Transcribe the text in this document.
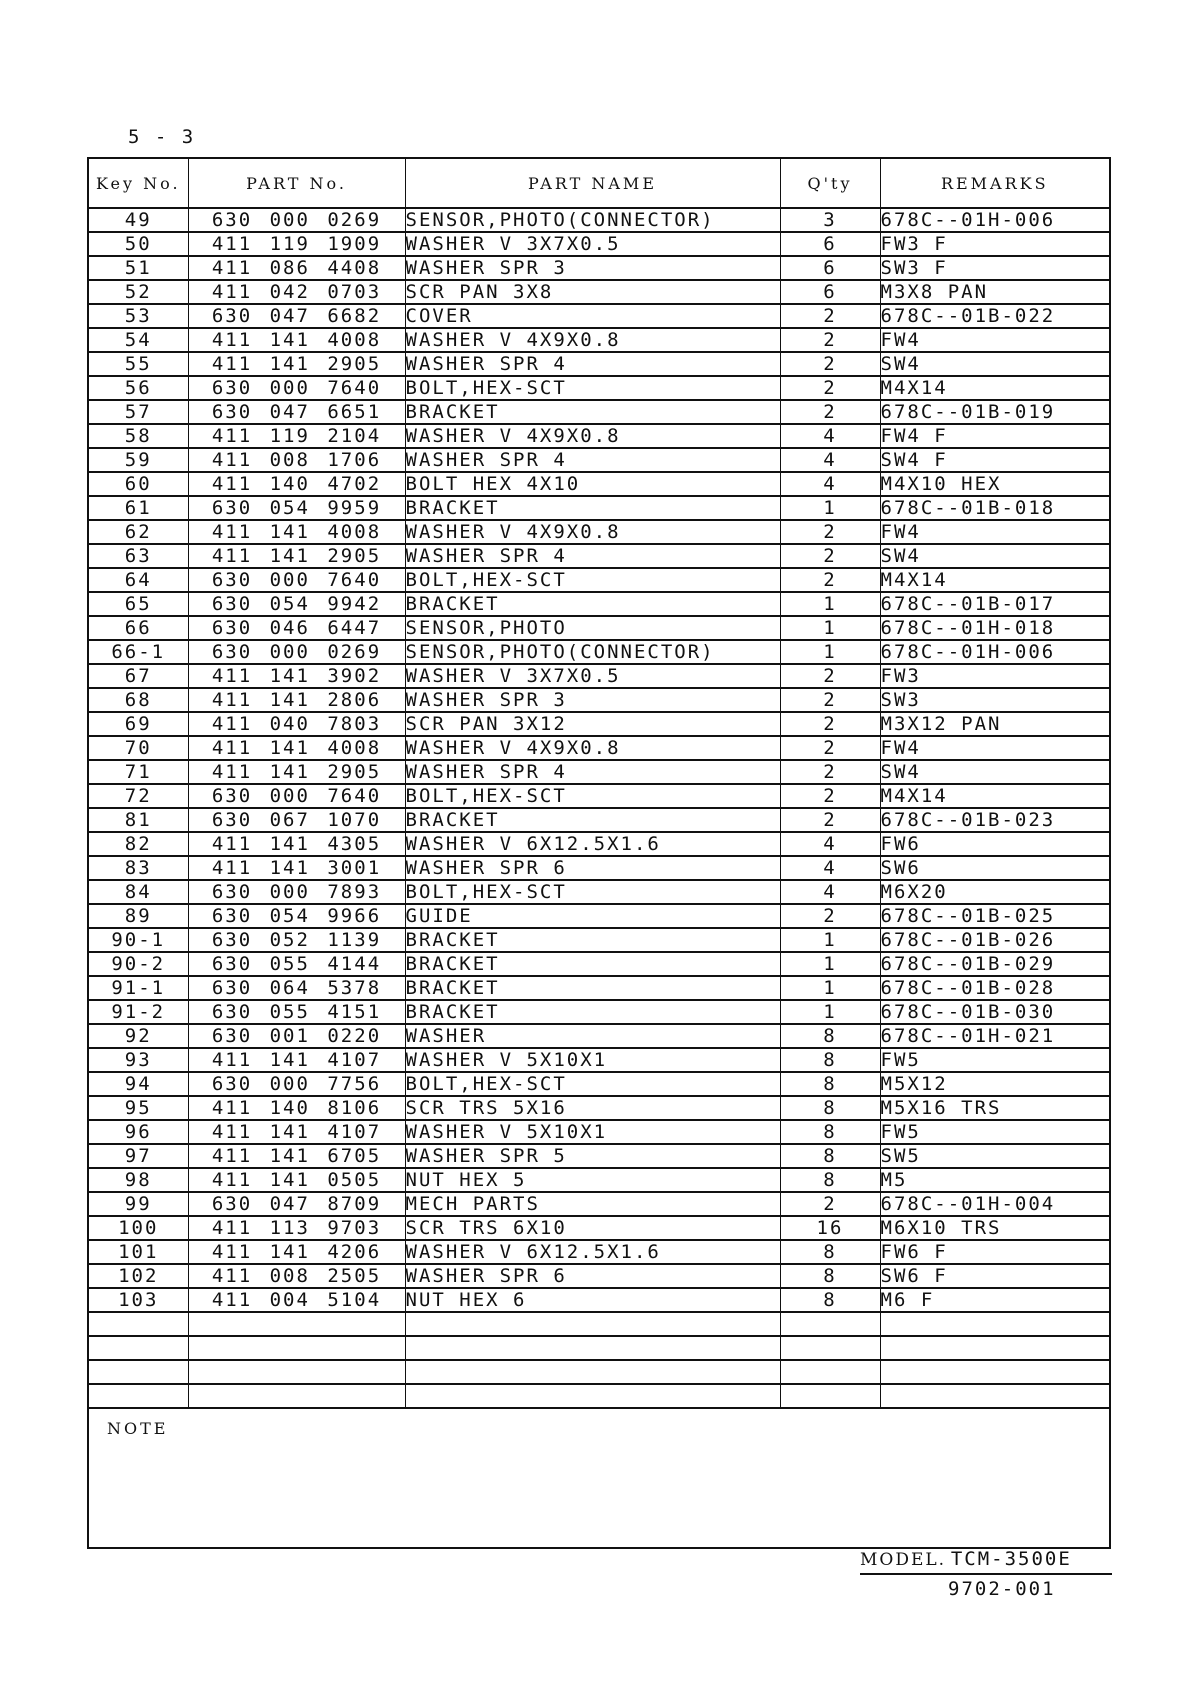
5 - 3
Key No.	PART No.	PART NAME	Q'ty	REMARKS
49	630 000 0269	SENSOR,PHOTO(CONNECTOR)	3	678C--01H-006
50	411 119 1909	WASHER V 3X7X0.5	6	FW3 F
51	411 086 4408	WASHER SPR 3	6	SW3 F
52	411 042 0703	SCR PAN 3X8	6	M3X8 PAN
53	630 047 6682	COVER	2	678C--01B-022
54	411 141 4008	WASHER V 4X9X0.8	2	FW4
55	411 141 2905	WASHER SPR 4	2	SW4
56	630 000 7640	BOLT,HEX-SCT	2	M4X14
57	630 047 6651	BRACKET	2	678C--01B-019
58	411 119 2104	WASHER V 4X9X0.8	4	FW4 F
59	411 008 1706	WASHER SPR 4	4	SW4 F
60	411 140 4702	BOLT HEX 4X10	4	M4X10 HEX
61	630 054 9959	BRACKET	1	678C--01B-018
62	411 141 4008	WASHER V 4X9X0.8	2	FW4
63	411 141 2905	WASHER SPR 4	2	SW4
64	630 000 7640	BOLT,HEX-SCT	2	M4X14
65	630 054 9942	BRACKET	1	678C--01B-017
66	630 046 6447	SENSOR,PHOTO	1	678C--01H-018
66-1	630 000 0269	SENSOR,PHOTO(CONNECTOR)	1	678C--01H-006
67	411 141 3902	WASHER V 3X7X0.5	2	FW3
68	411 141 2806	WASHER SPR 3	2	SW3
69	411 040 7803	SCR PAN 3X12	2	M3X12 PAN
70	411 141 4008	WASHER V 4X9X0.8	2	FW4
71	411 141 2905	WASHER SPR 4	2	SW4
72	630 000 7640	BOLT,HEX-SCT	2	M4X14
81	630 067 1070	BRACKET	2	678C--01B-023
82	411 141 4305	WASHER V 6X12.5X1.6	4	FW6
83	411 141 3001	WASHER SPR 6	4	SW6
84	630 000 7893	BOLT,HEX-SCT	4	M6X20
89	630 054 9966	GUIDE	2	678C--01B-025
90-1	630 052 1139	BRACKET	1	678C--01B-026
90-2	630 055 4144	BRACKET	1	678C--01B-029
91-1	630 064 5378	BRACKET	1	678C--01B-028
91-2	630 055 4151	BRACKET	1	678C--01B-030
92	630 001 0220	WASHER	8	678C--01H-021
93	411 141 4107	WASHER V 5X10X1	8	FW5
94	630 000 7756	BOLT,HEX-SCT	8	M5X12
95	411 140 8106	SCR TRS 5X16	8	M5X16 TRS
96	411 141 4107	WASHER V 5X10X1	8	FW5
97	411 141 6705	WASHER SPR 5	8	SW5
98	411 141 0505	NUT HEX 5	8	M5
99	630 047 8709	MECH PARTS	2	678C--01H-004
100	411 113 9703	SCR TRS 6X10	16	M6X10 TRS
101	411 141 4206	WASHER V 6X12.5X1.6	8	FW6 F
102	411 008 2505	WASHER SPR 6	8	SW6 F
103	411 004 5104	NUT HEX 6	8	M6 F

NOTE
MODEL. TCM-3500E
9702-001
